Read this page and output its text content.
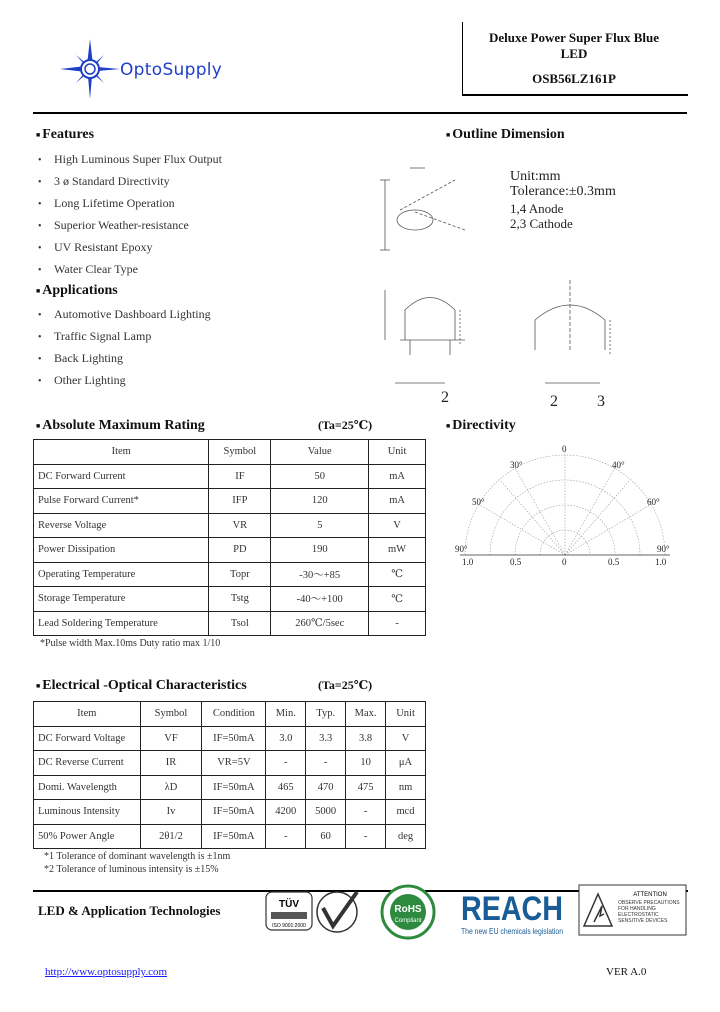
OptoSupply
Deluxe Power Super Flux Blue
LED
OSB56LZ161P
■ Features
• High Luminous Super Flux Output
• 3 ø Standard Directivity
• Long Lifetime Operation
• Superior Weather-resistance
• UV Resistant Epoxy
• Water Clear Type
■ Applications
• Automotive Dashboard Lighting
• Traffic Signal Lamp
• Back Lighting
• Other Lighting
■ Outline Dimension
Unit:mm
Tolerance:±0.3mm
1,4 Anode
2,3 Cathode
2	2 3
■ Absolute Maximum Rating	(Ta=25℃)
Item	Symbol	Value	Unit
DC Forward Current	IF	50	mA
Pulse Forward Current*	IFP	120	mA
Reverse Voltage	VR	5	V
Power Dissipation	PD	190	mW
Operating Temperature	Topr	-30～+85	℃
Storage Temperature	Tstg	-40～+100	℃
Lead Soldering Temperature	Tsol	260℃/5sec	-
*Pulse width Max.10ms Duty ratio max 1/10
■ Directivity
0
30°	40°
50°	60°
90°	90°
1.0	0.5	0	0.5	1.0
■ Electrical -Optical Characteristics	(Ta=25℃)
Item	Symbol	Condition	Min.	Typ.	Max.	Unit
DC Forward Voltage	VF	IF=50mA	3.0	3.3	3.8	V
DC Reverse Current	IR	VR=5V	-	-	10	μA
Domi. Wavelength	λD	IF=50mA	465	470	475	nm
Luminous Intensity	Iv	IF=50mA	4200	5000	-	mcd
50% Power Angle	2θ1/2	IF=50mA	-	60	-	deg
*1 Tolerance of dominant wavelength is ±1nm
*2 Tolerance of luminous intensity is ±15%
LED & Application Technologies	TÜV
ISO 9001:2000
RoHS
Compliant REACH
The new EU chemicals legislation
ATTENTION
OBSERVE PRECAUTIONS FOR HANDLING ELECTROSTATIC SENSITIVE DEVICES
http://www.optosupply.com	VER A.0
